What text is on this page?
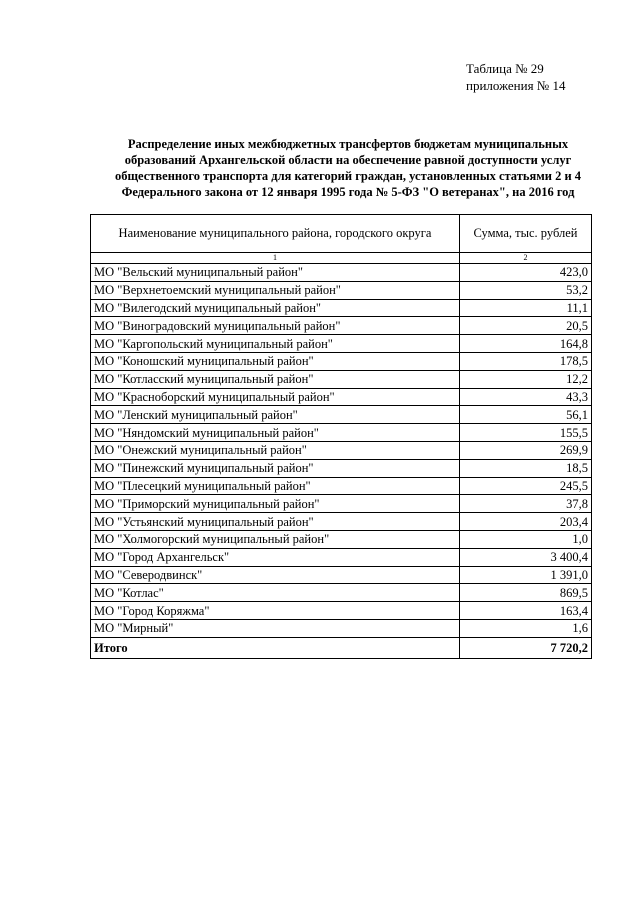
Таблица № 29
приложения № 14
Распределение иных межбюджетных трансфертов бюджетам муниципальных
образований Архангельской области на обеспечение равной доступности услуг
общественного транспорта для категорий граждан, установленных статьями 2 и 4
Федерального закона от 12 января 1995 года № 5-ФЗ "О ветеранах", на 2016 год
Наименование муниципального района, городского округа	Сумма, тыс. рублей
1	2
МО "Вельский муниципальный район"	423,0
МО "Верхнетоемский муниципальный район"	53,2
МО "Вилегодский муниципальный район"	11,1
МО "Виноградовский муниципальный район"	20,5
МО "Каргопольский муниципальный район"	164,8
МО "Коношский муниципальный район"	178,5
МО "Котласский муниципальный район"	12,2
МО "Красноборский муниципальный район"	43,3
МО "Ленский муниципальный район"	56,1
МО "Няндомский муниципальный район"	155,5
МО "Онежский муниципальный район"	269,9
МО "Пинежский муниципальный район"	18,5
МО "Плесецкий муниципальный район"	245,5
МО "Приморский муниципальный район"	37,8
МО "Устьянский муниципальный район"	203,4
МО "Холмогорский муниципальный район"	1,0
МО "Город Архангельск"	3 400,4
МО "Северодвинск"	1 391,0
МО "Котлас"	869,5
МО "Город Коряжма"	163,4
МО "Мирный"	1,6
Итого	7 720,2
